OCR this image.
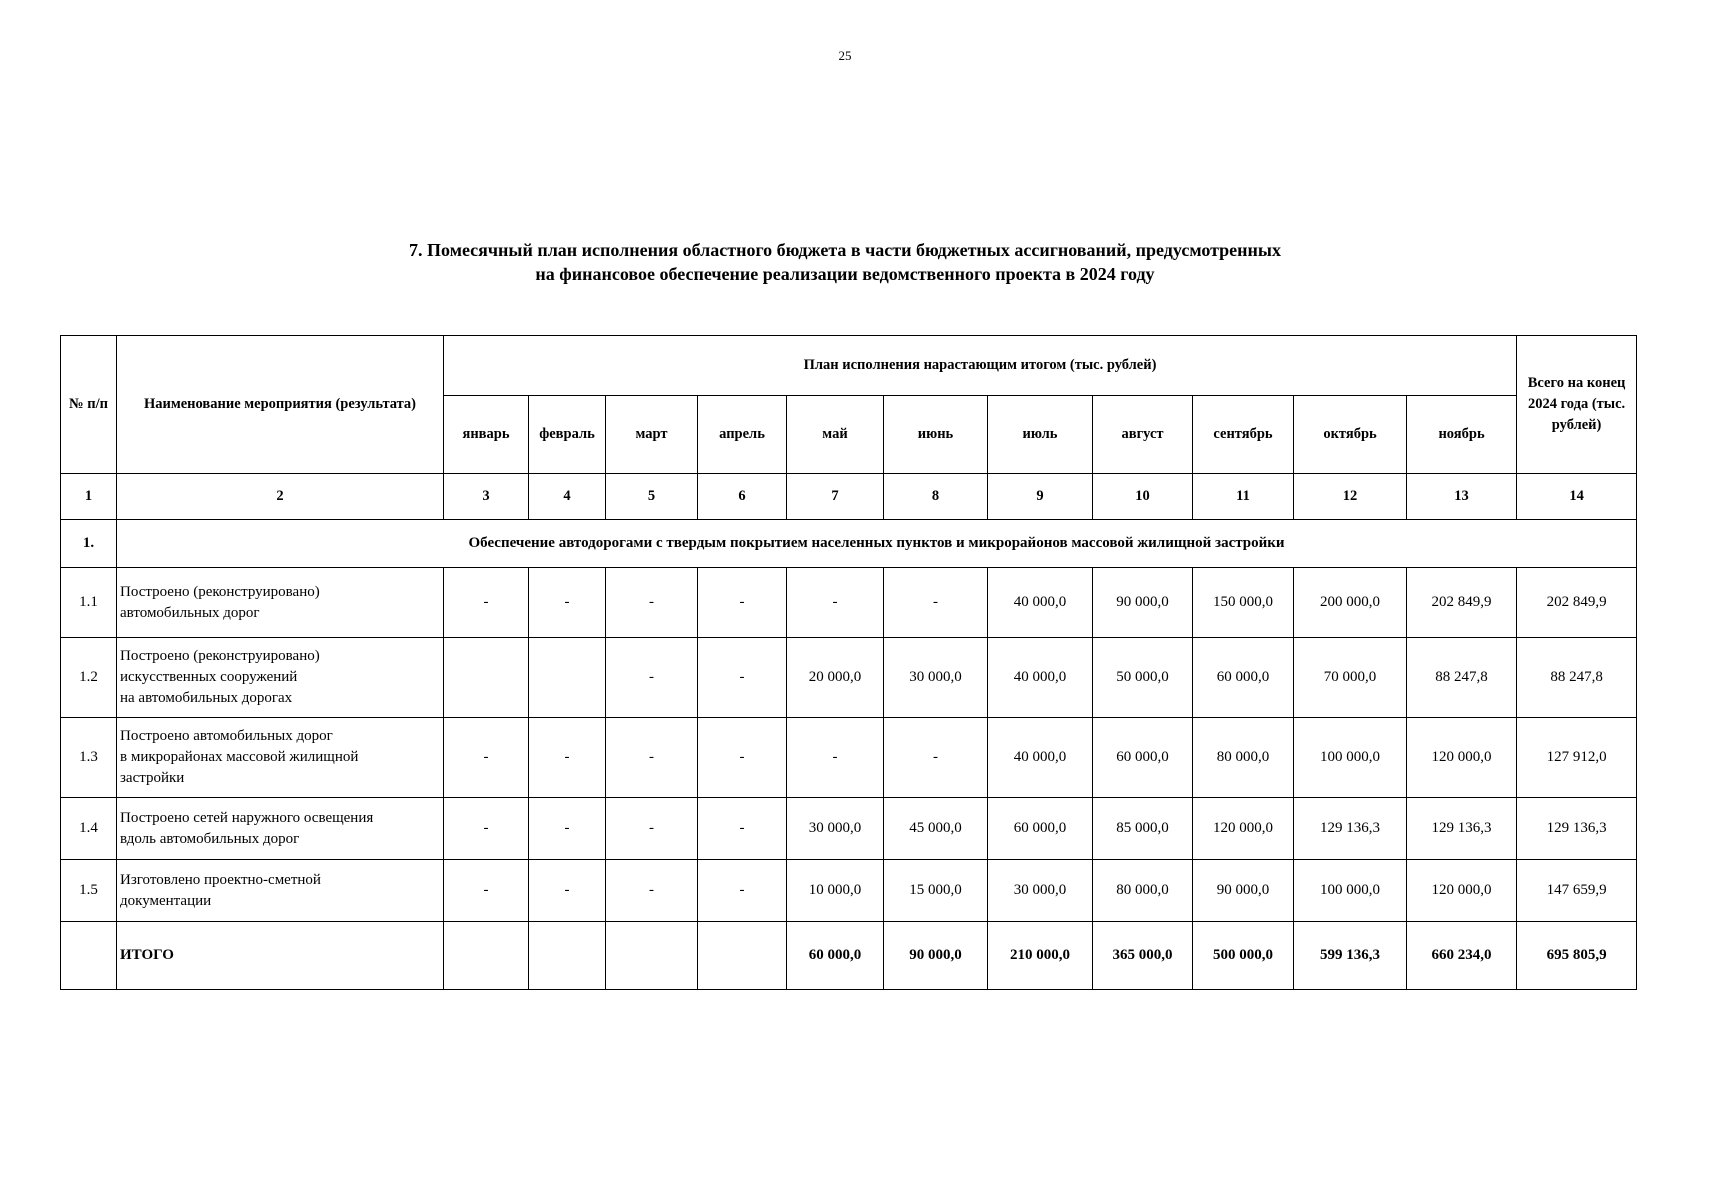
25
7. Помесячный план исполнения областного бюджета в части бюджетных ассигнований, предусмотренных
на финансовое обеспечение реализации ведомственного проекта в 2024 году
№ п/п	Наименование мероприятия (результата)	План исполнения нарастающим итогом (тыс. рублей)											Всего на конец 2024 года (тыс. рублей)
		январь	февраль	март	апрель	май	июнь	июль	август	сентябрь	октябрь	ноябрь	
1	2	3	4	5	6	7	8	9	10	11	12	13	14
1.	Обеспечение автодорогами с твердым покрытием населенных пунктов и микрорайонов массовой жилищной застройки												
1.1	Построено (реконструировано)
автомобильных дорог	-	-	-	-	-	-	40 000,0	90 000,0	150 000,0	200 000,0	202 849,9	202 849,9
1.2	Построено (реконструировано)
искусственных сооружений
на автомобильных дорогах			-	-	20 000,0	30 000,0	40 000,0	50 000,0	60 000,0	70 000,0	88 247,8	88 247,8
1.3	Построено автомобильных дорог
в микрорайонах массовой жилищной
застройки	-	-	-	-	-	-	40 000,0	60 000,0	80 000,0	100 000,0	120 000,0	127 912,0
1.4	Построено сетей наружного освещения
вдоль автомобильных дорог	-	-	-	-	30 000,0	45 000,0	60 000,0	85 000,0	120 000,0	129 136,3	129 136,3	129 136,3
1.5	Изготовлено проектно-сметной
документации	-	-	-	-	10 000,0	15 000,0	30 000,0	80 000,0	90 000,0	100 000,0	120 000,0	147 659,9
	ИТОГО					60 000,0	90 000,0	210 000,0	365 000,0	500 000,0	599 136,3	660 234,0	695 805,9
